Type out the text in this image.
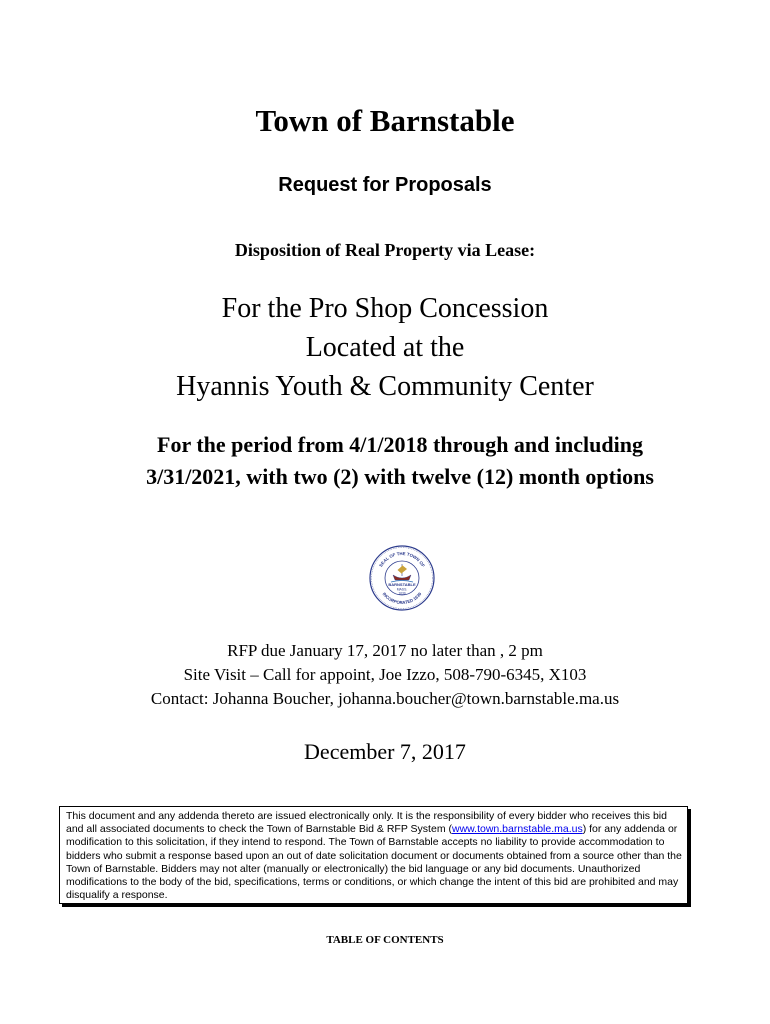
Town of Barnstable
Request for Proposals
Disposition of Real Property via Lease:
For the Pro Shop Concession
Located at the
Hyannis Youth & Community Center
For the period from 4/1/2018 through and including 3/31/2021, with two (2) with twelve (12) month options
SEAL OF THE TOWN OF
INCORPORATED 1639
BARNSTABLE
MASS.
1639
RFP due January 17, 2017 no later than , 2 pm
Site Visit – Call for appoint, Joe Izzo, 508-790-6345, X103
Contact: Johanna Boucher, johanna.boucher@town.barnstable.ma.us
December 7, 2017
This document and any addenda thereto are issued electronically only. It is the responsibility of every bidder who receives this bid and all associated documents to check the Town of Barnstable Bid & RFP System (www.town.barnstable.ma.us) for any addenda or modification to this solicitation, if they intend to respond. The Town of Barnstable accepts no liability to provide accommodation to bidders who submit a response based upon an out of date solicitation document or documents obtained from a source other than the Town of Barnstable. Bidders may not alter (manually or electronically) the bid language or any bid documents. Unauthorized modifications to the body of the bid, specifications, terms or conditions, or which change the intent of this bid are prohibited and may disqualify a response.
TABLE OF CONTENTS
